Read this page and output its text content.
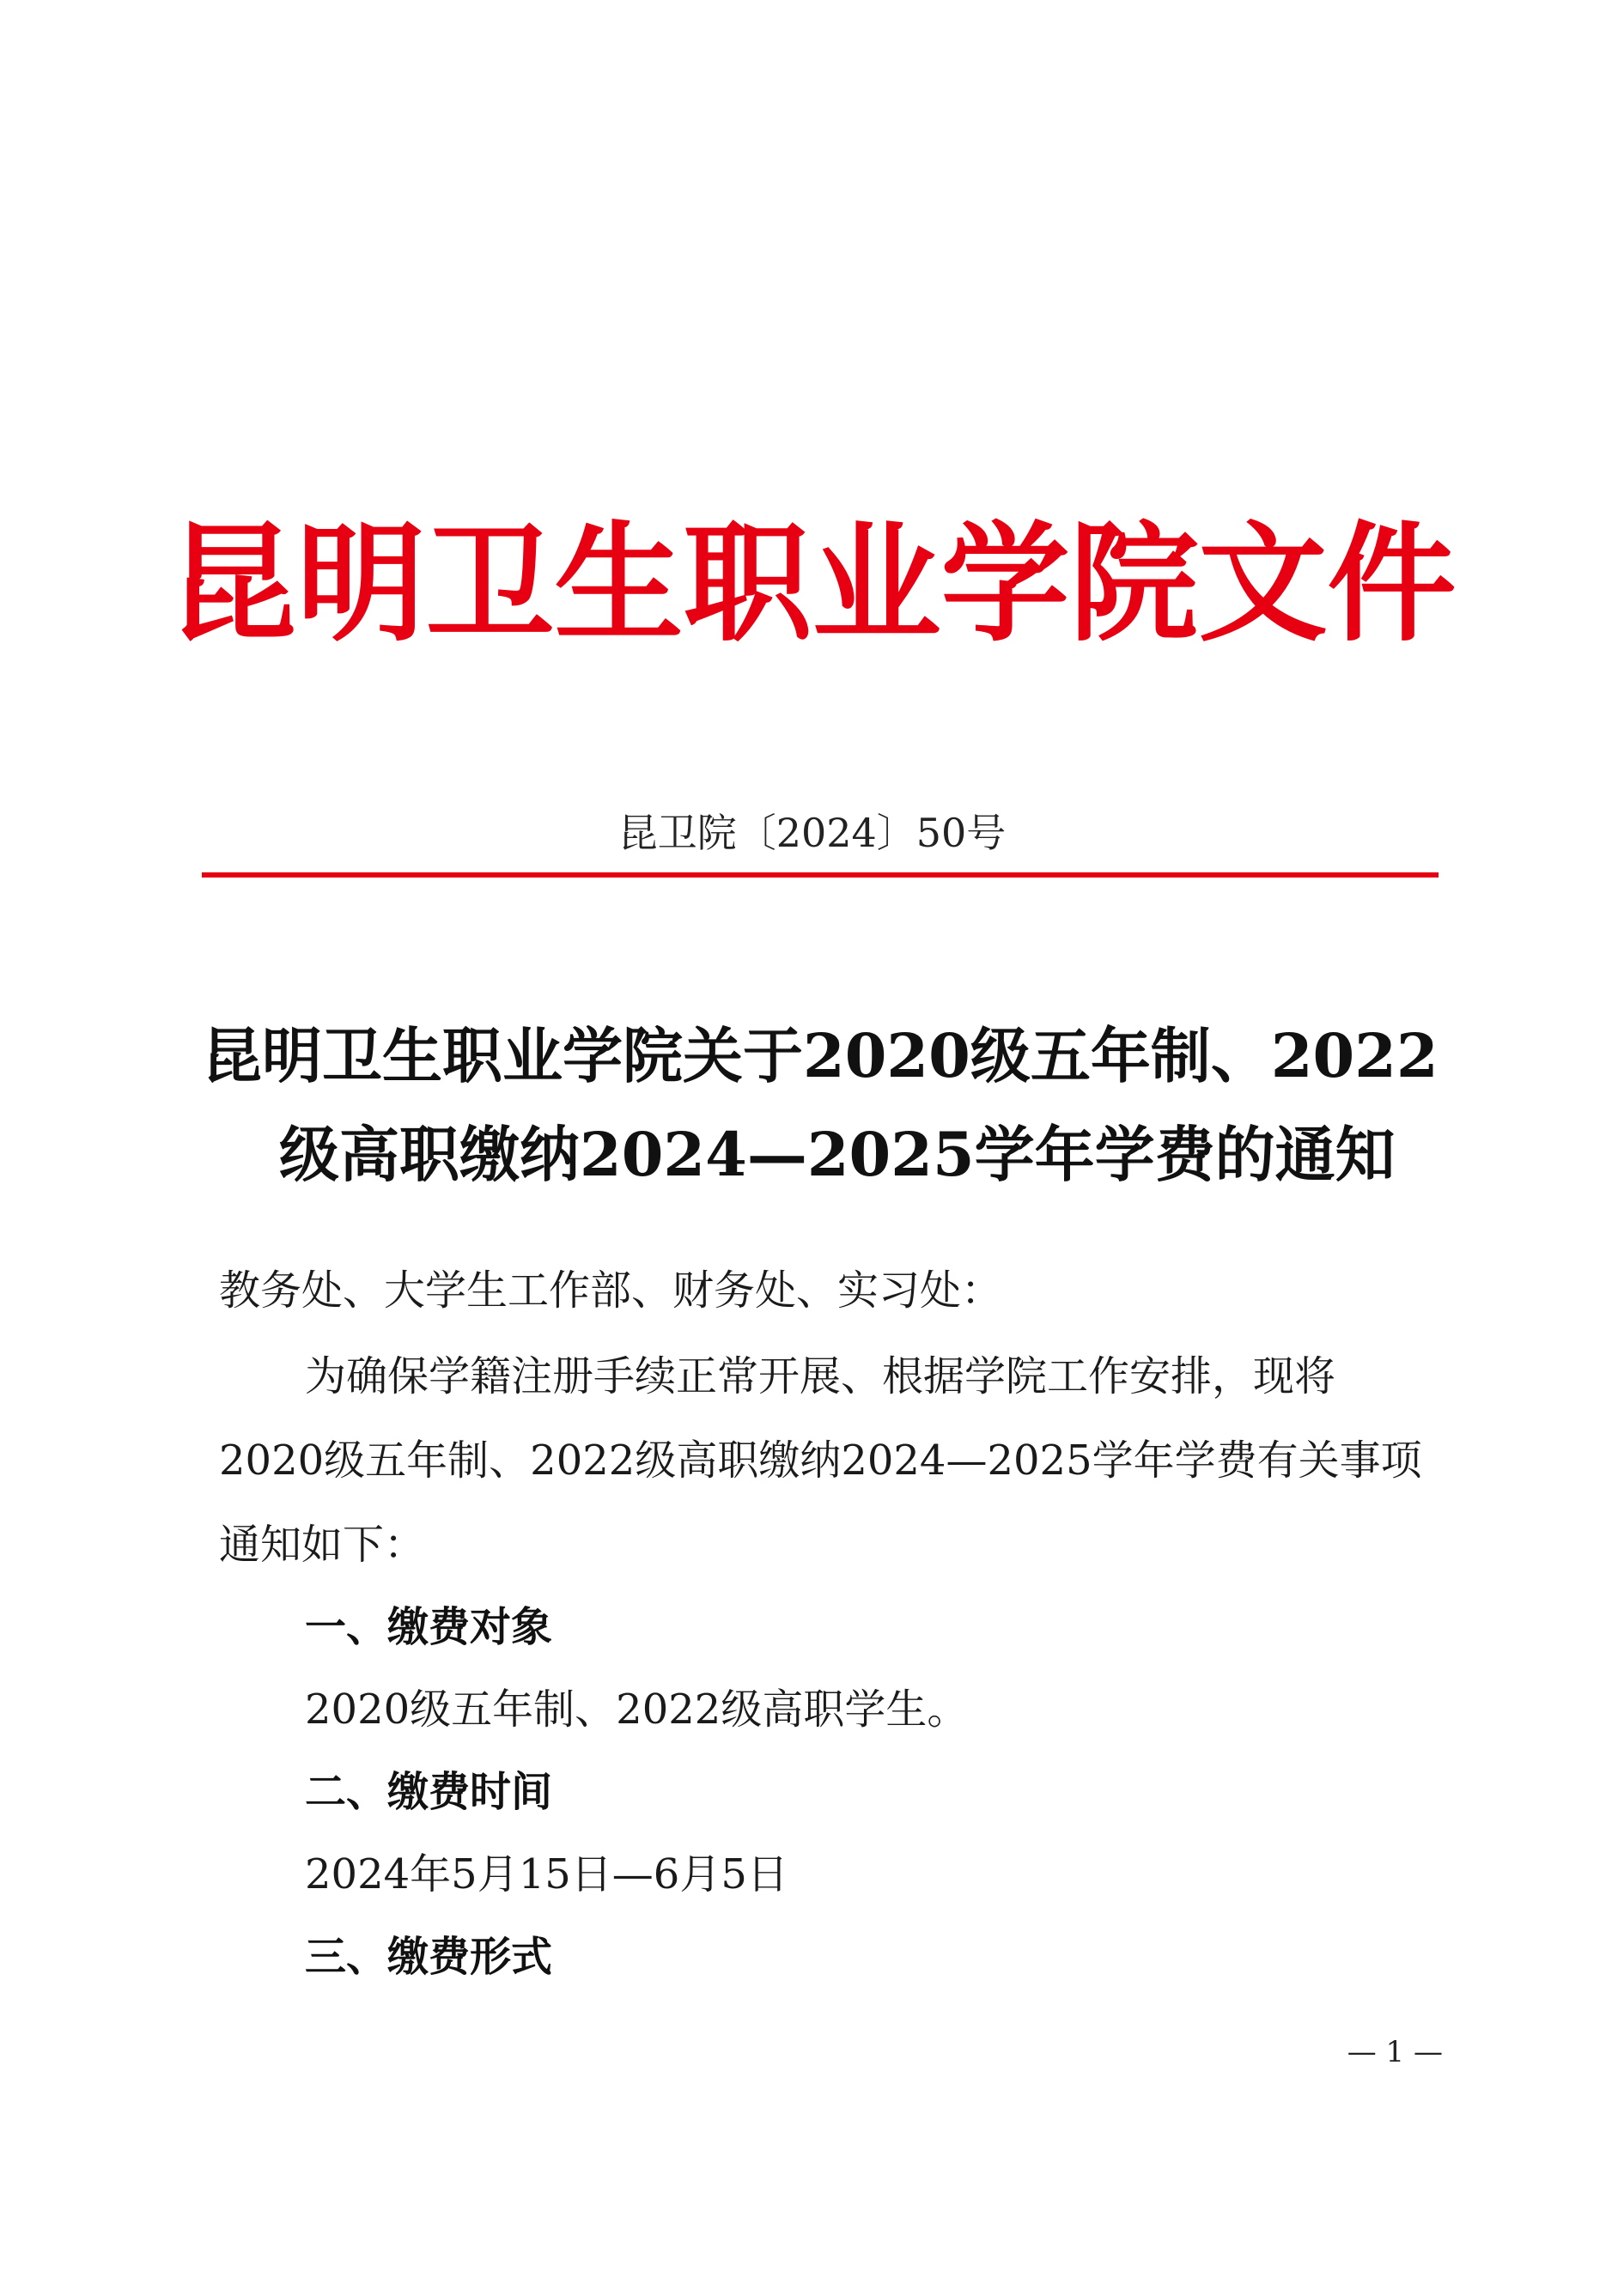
昆明卫生职业学院文件
昆卫院〔2024〕50号
昆明卫生职业学院关于2020级五年制、2022
级高职缴纳2024—2025学年学费的通知
教务处、大学生工作部、财务处、实习处：
为确保学籍注册手续正常开展、根据学院工作安排，现将
2020级五年制、2022级高职缴纳2024—2025学年学费有关事项
通知如下：
一、缴费对象
2020级五年制、2022级高职学生。
二、缴费时间
2024年5月15日—6月5日
三、缴费形式
— 1 —
